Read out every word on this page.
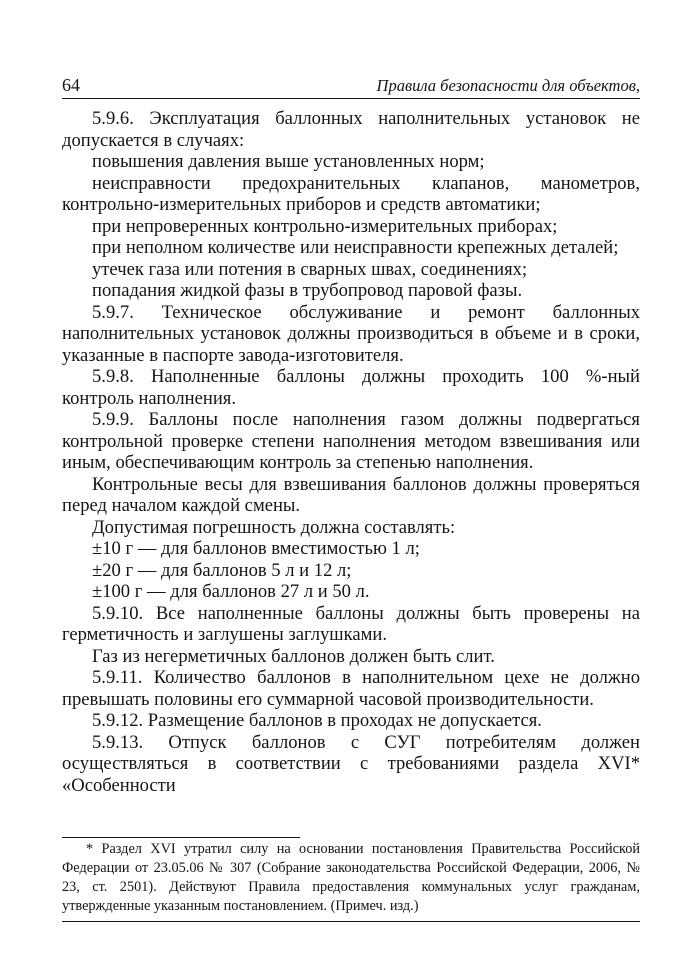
64	Правила безопасности для объектов,

5.9.6. Эксплуатация баллонных наполнительных установок не допускается в случаях:

повышения давления выше установленных норм;

неисправности предохранительных клапанов, манометров, контрольно-измерительных приборов и средств автоматики;

при непроверенных контрольно-измерительных приборах;

при неполном количестве или неисправности крепежных деталей;

утечек газа или потения в сварных швах, соединениях;

попадания жидкой фазы в трубопровод паровой фазы.

5.9.7. Техническое обслуживание и ремонт баллонных наполнительных установок должны производиться в объеме и в сроки, указанные в паспорте завода-изготовителя.

5.9.8. Наполненные баллоны должны проходить 100 %-ный контроль наполнения.

5.9.9. Баллоны после наполнения газом должны подвергаться контрольной проверке степени наполнения методом взвешивания или иным, обеспечивающим контроль за степенью наполнения.

Контрольные весы для взвешивания баллонов должны проверяться перед началом каждой смены.

Допустимая погрешность должна составлять:

±10 г — для баллонов вместимостью 1 л;

±20 г — для баллонов 5 л и 12 л;

±100 г — для баллонов 27 л и 50 л.

5.9.10. Все наполненные баллоны должны быть проверены на герметичность и заглушены заглушками.

Газ из негерметичных баллонов должен быть слит.

5.9.11. Количество баллонов в наполнительном цехе не должно превышать половины его суммарной часовой производительности.

5.9.12. Размещение баллонов в проходах не допускается.

5.9.13. Отпуск баллонов с СУГ потребителям должен осуществляться в соответствии с требованиями раздела XVI* «Особенности

* Раздел XVI утратил силу на основании постановления Правительства Российской Федерации от 23.05.06 № 307 (Собрание законодательства Российской Федерации, 2006, № 23, ст. 2501). Действуют Правила предоставления коммунальных услуг гражданам, утвержденные указанным постановлением. (Примеч. изд.)
